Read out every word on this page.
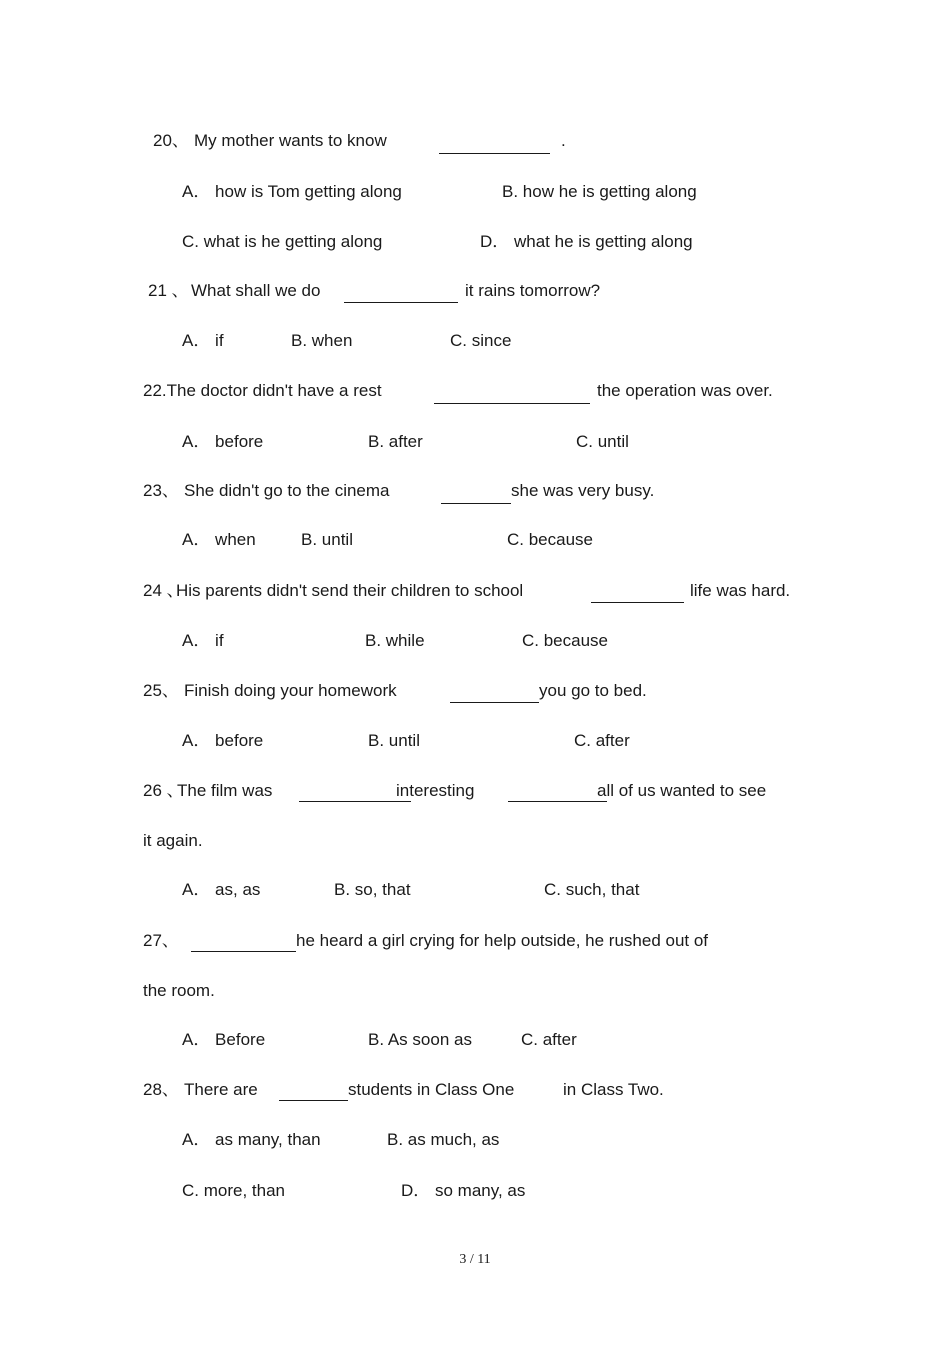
20、 My mother wants to know	.
A． how is Tom getting along	B. how he is getting along
C. what is he getting along	D． what he is getting along
21 、 What shall we do	it rains tomorrow?
A． if	B. when	C. since
22.The doctor didn't have a rest	the operation was over.
A． before	B. after	C. until
23、 She didn't go to the cinema	she was very busy.
A． when	B. until	C. because
24 、
His parents didn't send their children to school	life was hard.
A． if	B. while	C. because
25、 Finish doing your homework	you go to bed.
A． before	B. until	C. after
26 、
The film was	interesting	all of us wanted to see
it again.
A． as, as	B. so, that	C. such, that
27、	he heard a girl crying for help outside, he rushed out of
the room.
A． Before	B. As soon as	C. after
28、 There are	students in Class One	in Class Two.
A． as many, than	B. as much, as
C. more, than	D． so many, as
3 / 11
